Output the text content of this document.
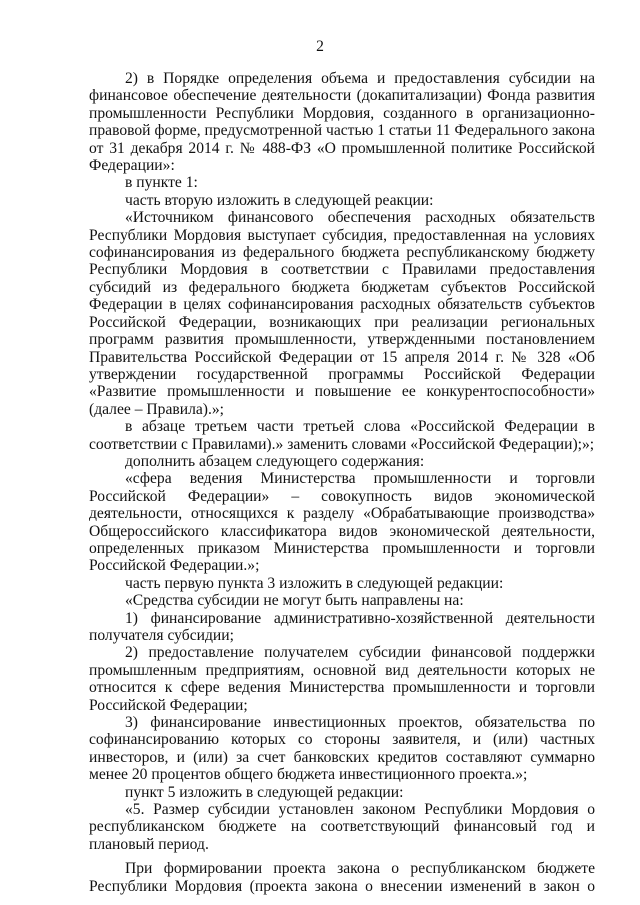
2

2) в Порядке определения объема и предоставления субсидии на финансовое обеспечение деятельности (докапитализации) Фонда развития промышленности Республики Мордовия, созданного в организационно-правовой форме, предусмотренной частью 1 статьи 11 Федерального закона от 31 декабря 2014 г. № 488-ФЗ «О промышленной политике Российской Федерации»:

в пункте 1:

часть вторую изложить в следующей реакции:

«Источником финансового обеспечения расходных обязательств Республики Мордовия выступает субсидия, предоставленная на условиях софинансирования из федерального бюджета республиканскому бюджету Республики Мордовия в соответствии с Правилами предоставления субсидий из федерального бюджета бюджетам субъектов Российской Федерации в целях софинансирования расходных обязательств субъектов Российской Федерации, возникающих при реализации региональных программ развития промышленности, утвержденными постановлением Правительства Российской Федерации от 15 апреля 2014 г. № 328 «Об утверждении государственной программы Российской Федерации «Развитие промышленности и повышение ее конкурентоспособности» (далее – Правила).»;

в абзаце третьем части третьей слова «Российской Федерации в соответствии с Правилами).» заменить словами «Российской Федерации);»;

дополнить абзацем следующего содержания:

«сфера ведения Министерства промышленности и торговли Российской Федерации» – совокупность видов экономической деятельности, относящихся к разделу «Обрабатывающие производства» Общероссийского классификатора видов экономической деятельности, определенных приказом Министерства промышленности и торговли Российской Федерации.»;

часть первую пункта 3 изложить в следующей редакции:

«Средства субсидии не могут быть направлены на:

1) финансирование административно-хозяйственной деятельности получателя субсидии;

2) предоставление получателем субсидии финансовой поддержки промышленным предприятиям, основной вид деятельности которых не относится к сфере ведения Министерства промышленности и торговли Российской Федерации;

3) финансирование инвестиционных проектов, обязательства по софинансированию которых со стороны заявителя, и (или) частных инвесторов, и (или) за счет банковских кредитов составляют суммарно менее 20 процентов общего бюджета инвестиционного проекта.»;

пункт 5 изложить в следующей редакции:

«5. Размер субсидии установлен законом Республики Мордовия о республиканском бюджете на соответствующий финансовый год и плановый период.

При формировании проекта закона о республиканском бюджете Республики Мордовия (проекта закона о внесении изменений в закон о
